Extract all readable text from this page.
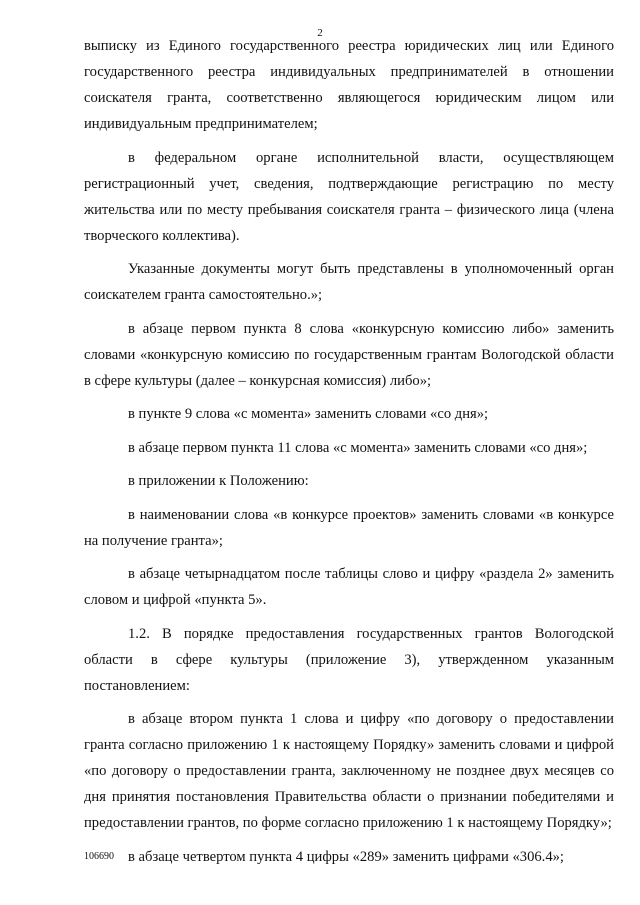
2

выписку из Единого государственного реестра юридических лиц или Единого государственного реестра индивидуальных предпринимателей в отношении соискателя гранта, соответственно являющегося юридическим лицом или индивидуальным предпринимателем;

в федеральном органе исполнительной власти, осуществляющем регистрационный учет, сведения, подтверждающие регистрацию по месту жительства или по месту пребывания соискателя гранта – физического лица (члена творческого коллектива).

Указанные документы могут быть представлены в уполномоченный орган соискателем гранта самостоятельно.»;

в абзаце первом пункта 8 слова «конкурсную комиссию либо» заменить словами «конкурсную комиссию по государственным грантам Вологодской области в сфере культуры (далее – конкурсная комиссия) либо»;

в пункте 9 слова «с момента» заменить словами «со дня»;

в абзаце первом пункта 11 слова «с момента» заменить словами «со дня»;

в приложении к Положению:

в наименовании слова «в конкурсе проектов» заменить словами «в конкурсе на получение гранта»;

в абзаце четырнадцатом после таблицы слово и цифру «раздела 2» заменить словом и цифрой «пункта 5».

1.2. В порядке предоставления государственных грантов Вологодской области в сфере культуры (приложение 3), утвержденном указанным постановлением:

в абзаце втором пункта 1 слова и цифру «по договору о предоставлении гранта согласно приложению 1 к настоящему Порядку» заменить словами и цифрой «по договору о предоставлении гранта, заключенному не позднее двух месяцев со дня принятия постановления Правительства области о признании победителями и предоставлении грантов, по форме согласно приложению 1 к настоящему Порядку»;

в абзаце четвертом пункта 4 цифры «289» заменить цифрами «306.4»;

106690
